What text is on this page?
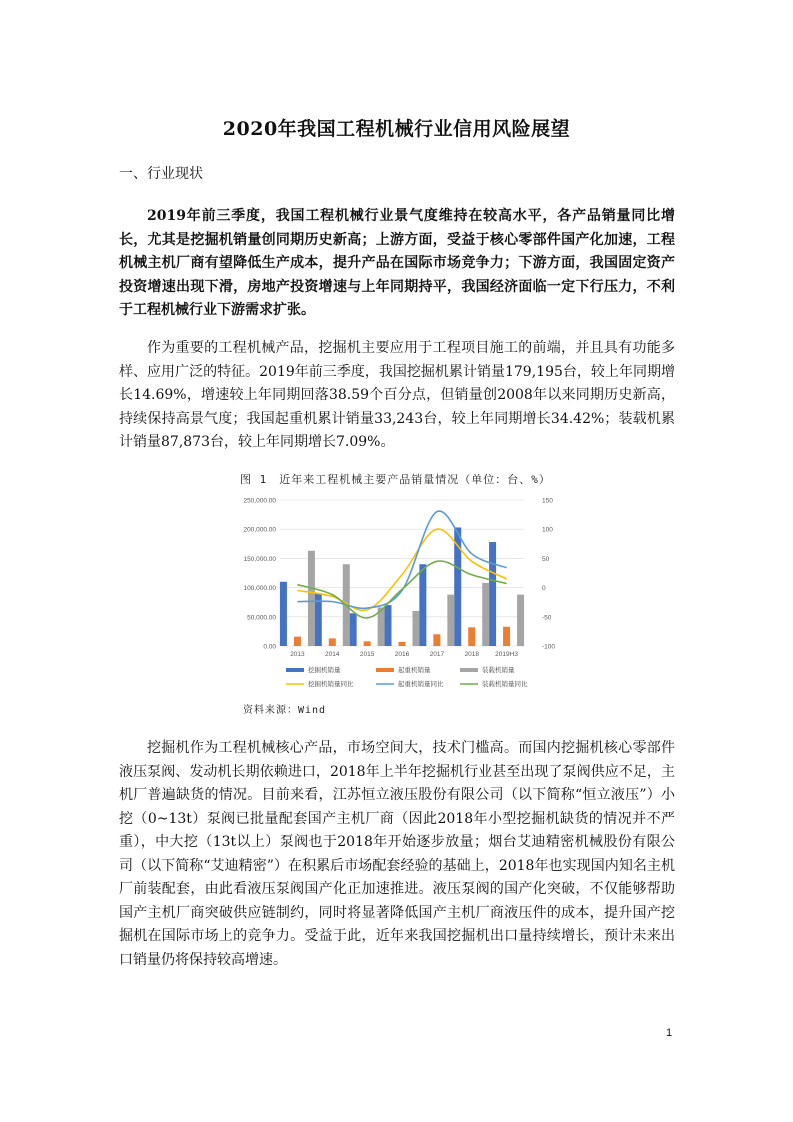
2020年我国工程机械行业信用风险展望
一、行业现状

2019年前三季度，我国工程机械行业景气度维持在较高水平，各产品销量同比增长，尤其是挖掘机销量创同期历史新高；上游方面，受益于核心零部件国产化加速，工程机械主机厂商有望降低生产成本，提升产品在国际市场竞争力；下游方面，我国固定资产投资增速出现下滑，房地产投资增速与上年同期持平，我国经济面临一定下行压力，不利于工程机械行业下游需求扩张。

作为重要的工程机械产品，挖掘机主要应用于工程项目施工的前端，并且具有功能多样、应用广泛的特征。2019年前三季度，我国挖掘机累计销量179,195台，较上年同期增长14.69%，增速较上年同期回落38.59个百分点，但销量创2008年以来同期历史新高，持续保持高景气度；我国起重机累计销量33,243台，较上年同期增长34.42%；装载机累计销量87,873台，较上年同期增长7.09%。

图 1　近年来工程机械主要产品销量情况（单位：台、%）
0.00
50,000.00
100,000.00
150,000.00
200,000.00
250,000.00
-100
-50
0
50
100
150
2013	2014	2015	2016	2017	2018 2019H3
挖掘机销量	起重机销量	装载机销量
挖掘机销量同比	起重机销量同比	装载机销量同比
资料来源：Wind

挖掘机作为工程机械核心产品，市场空间大，技术门槛高。而国内挖掘机核心零部件液压泵阀、发动机长期依赖进口，2018年上半年挖掘机行业甚至出现了泵阀供应不足，主机厂普遍缺货的情况。目前来看，江苏恒立液压股份有限公司（以下简称“恒立液压”）小挖（0~13t）泵阀已批量配套国产主机厂商（因此2018年小型挖掘机缺货的情况并不严重），中大挖（13t以上）泵阀也于2018年开始逐步放量；烟台艾迪精密机械股份有限公司（以下简称“艾迪精密”）在积累后市场配套经验的基础上，2018年也实现国内知名主机厂前装配套，由此看液压泵阀国产化正加速推进。液压泵阀的国产化突破，不仅能够帮助国产主机厂商突破供应链制约，同时将显著降低国产主机厂商液压件的成本，提升国产挖掘机在国际市场上的竞争力。受益于此，近年来我国挖掘机出口量持续增长，预计未来出口销量仍将保持较高增速。

1
